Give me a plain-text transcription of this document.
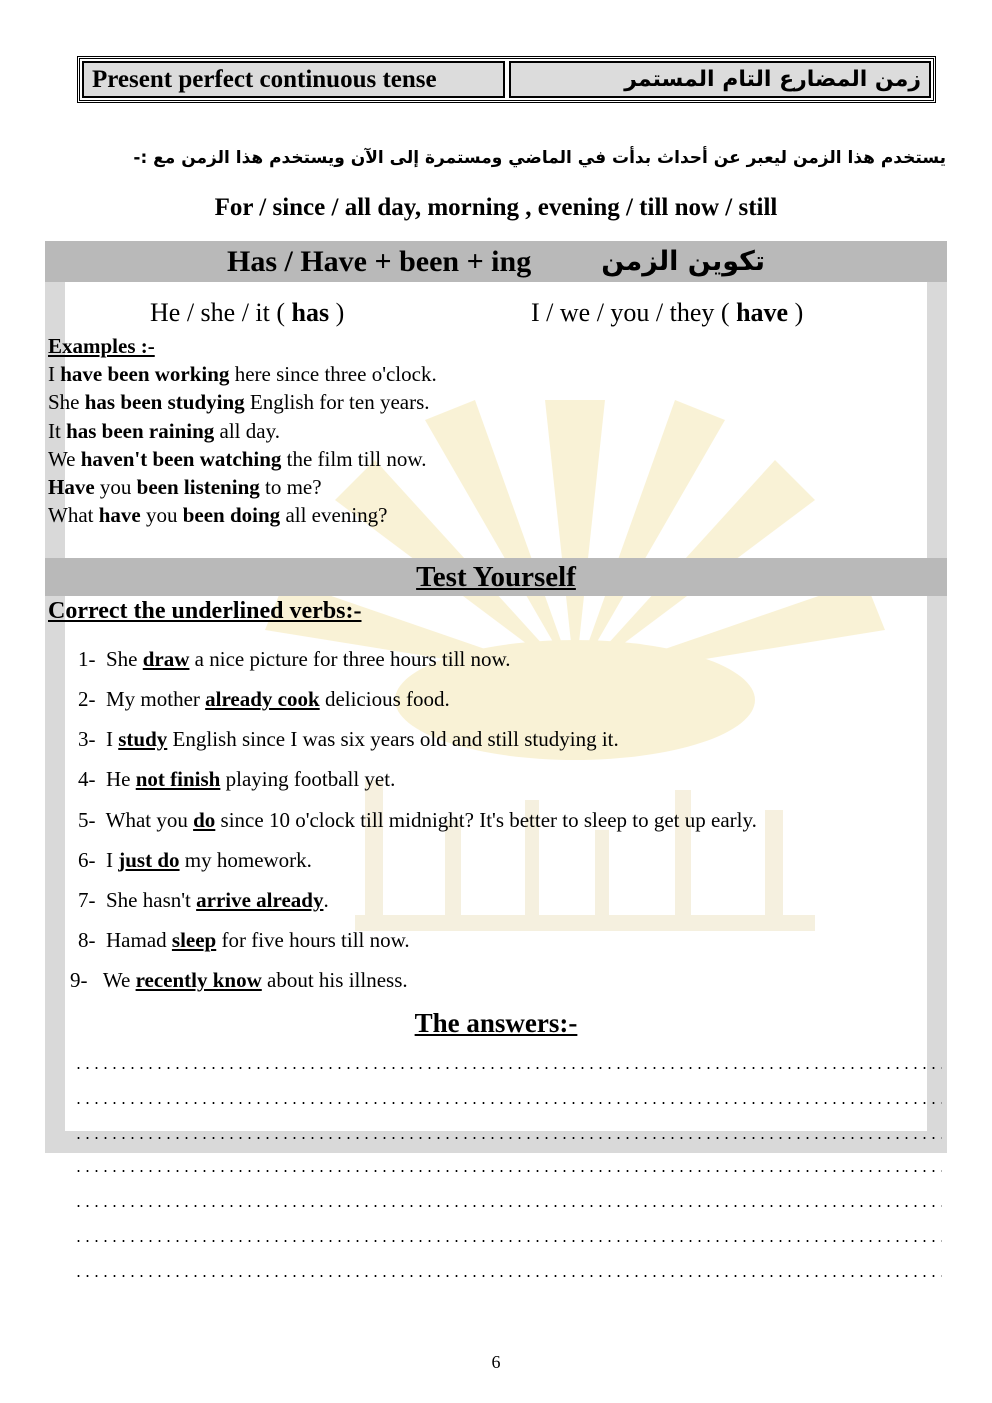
Present perfect continuous tense	زمن المضارع التام المستمر
يستخدم هذا الزمن ليعبر عن أحداث بدأت في الماضي ومستمرة إلى الآن ويستخدم هذا الزمن مع :-
For / since / all day, morning , evening / till now / still
Has / Have + been + ing	تكوين الزمن
He / she / it ( has )	I / we / you / they ( have )
Examples :-
I have been working here since three o'clock.
She has been studying English for ten years.
It has been raining all day.
We haven't been watching the film till now.
Have you been listening to me?
What have you been doing all evening?
Test Yourself
Correct the underlined verbs:-
1- She draw a nice picture for three hours till now.
2- My mother already cook delicious food.
3- I study English since I was six years old and still studying it.
4- He not finish playing football yet.
5- What you do since 10 o'clock till midnight? It's better to sleep to get up early.
6- I just do my homework.
7- She hasn't arrive already.
8- Hamad sleep for five hours till now.
9- We recently know about his illness.
The answers:-
6
